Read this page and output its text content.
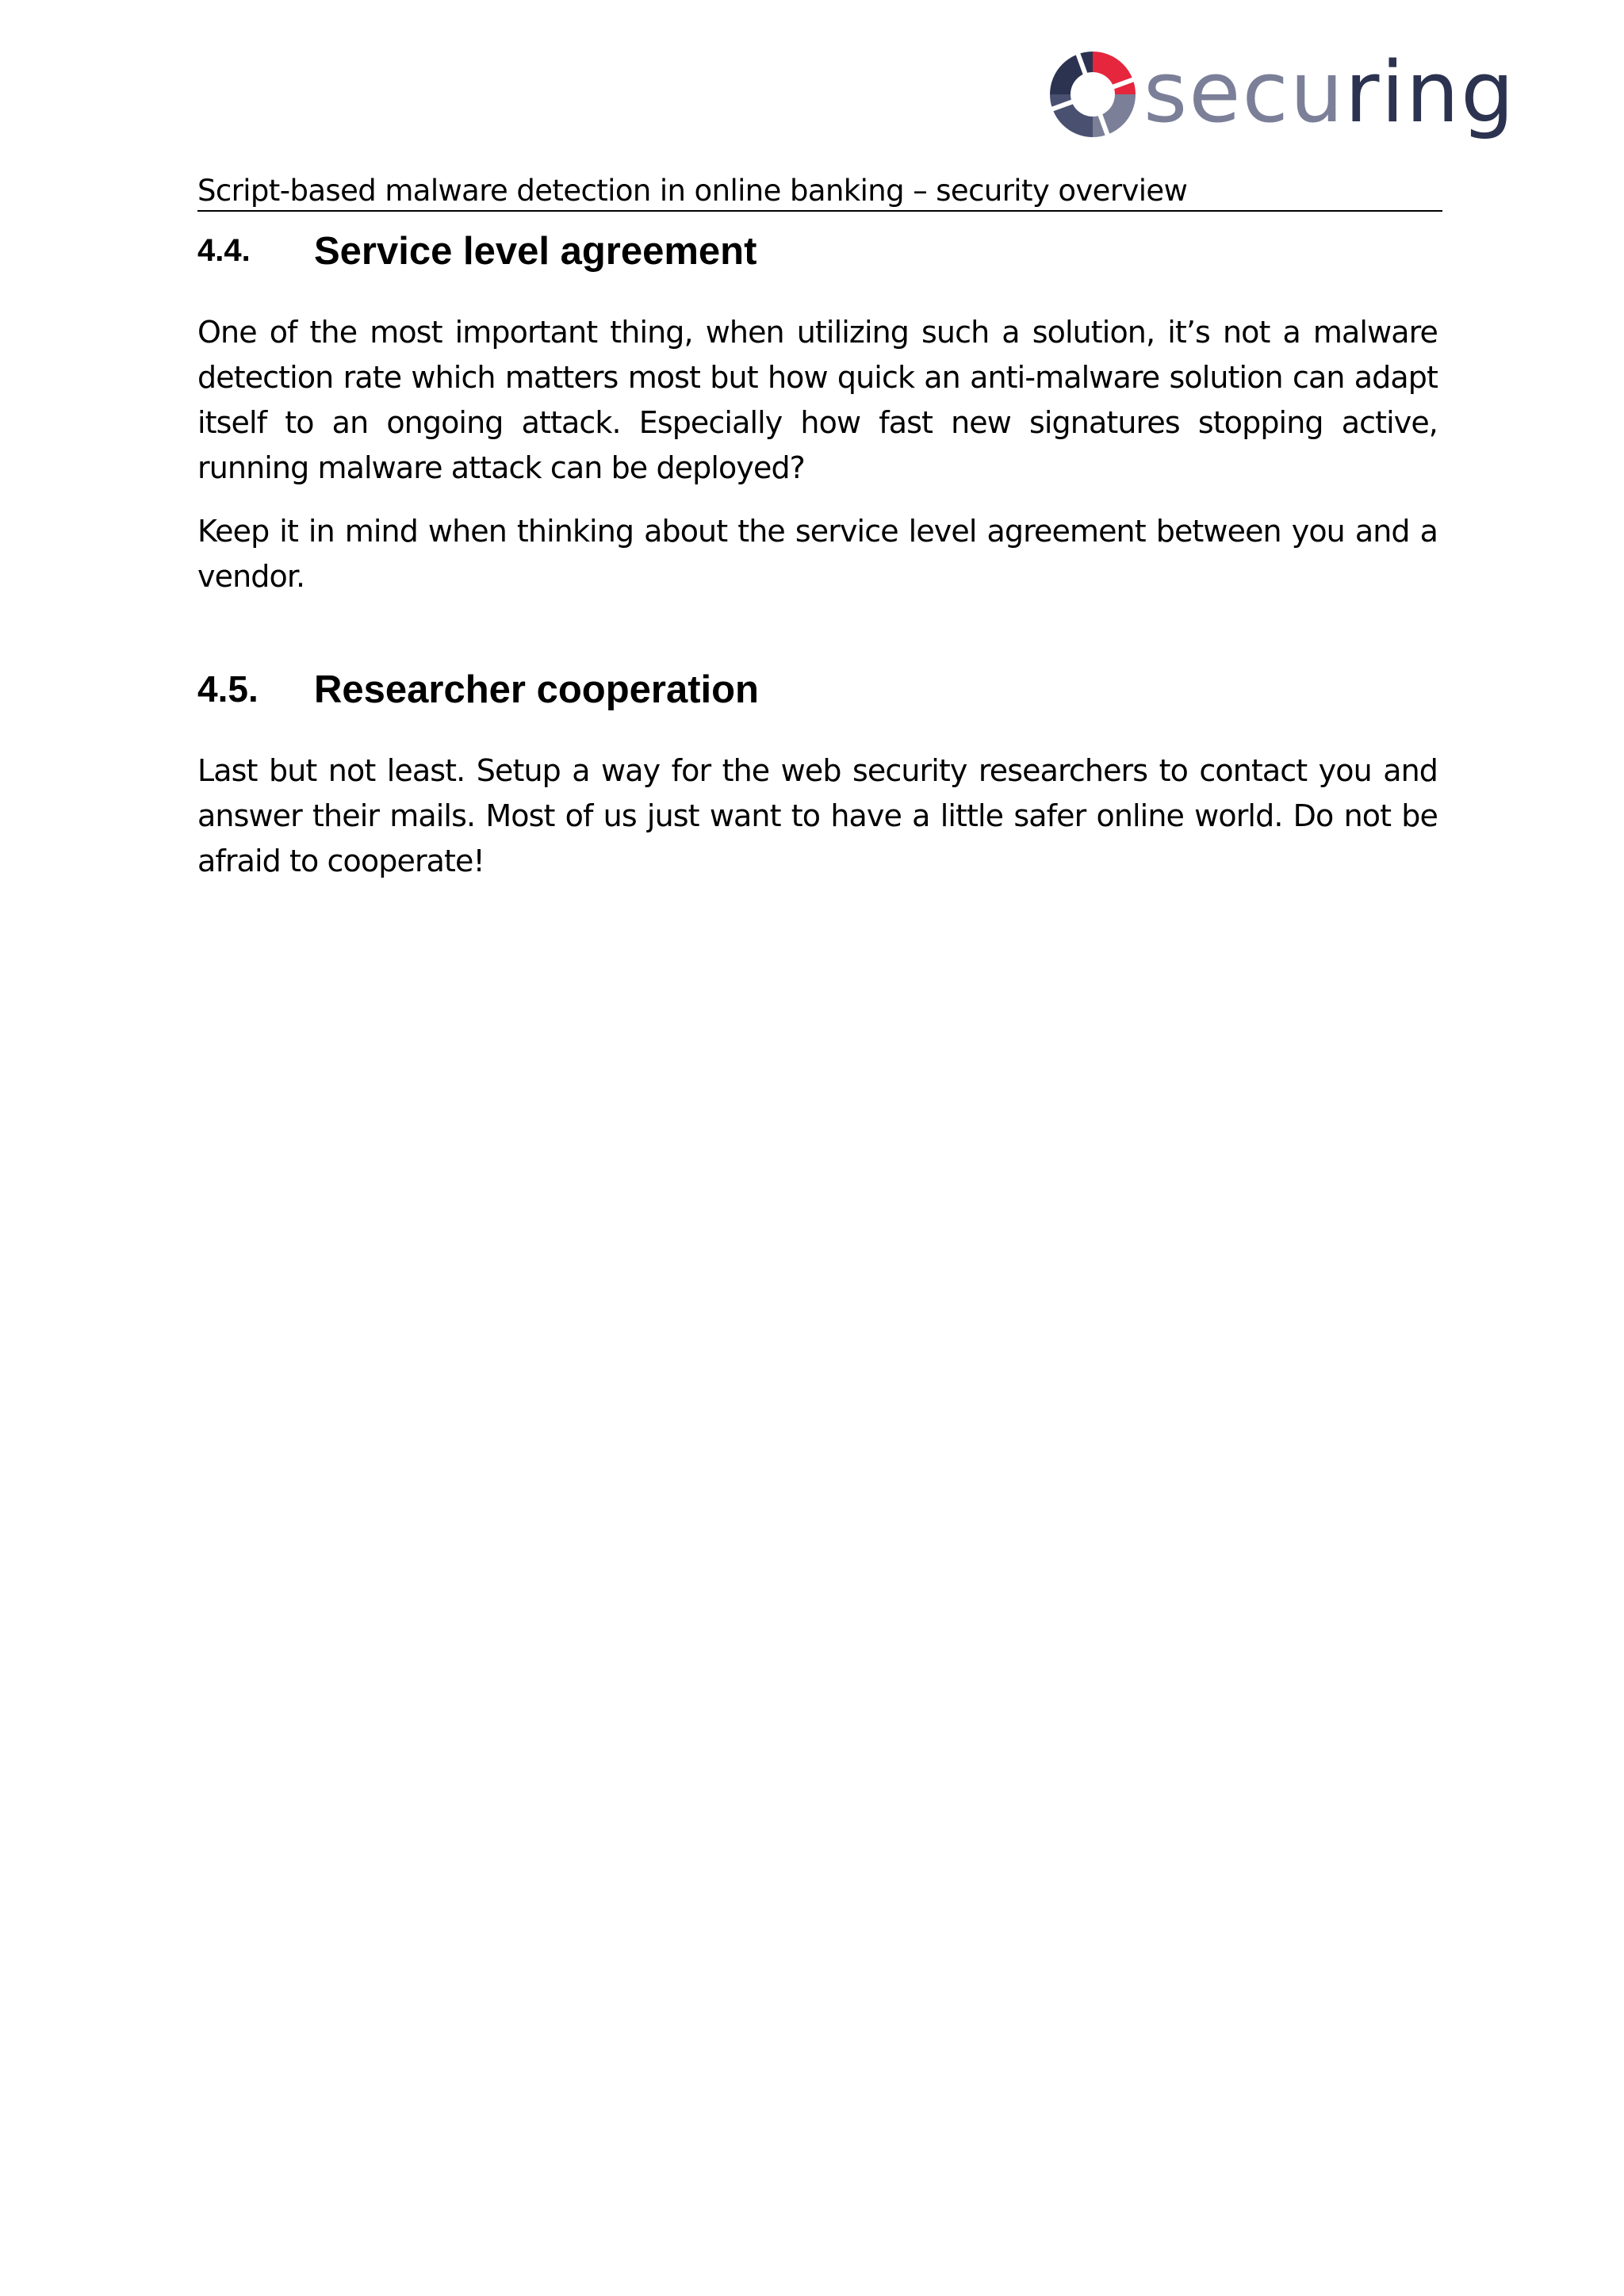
securing
Script-based malware detection in online banking – security overview
4.4. Service level agreement
One of the most important thing, when utilizing such a solution, it’s not a malware detection rate which matters most but how quick an anti-malware solution can adapt itself to an ongoing attack. Especially how fast new signatures stopping active, running malware attack can be deployed?
Keep it in mind when thinking about the service level agreement between you and a vendor.
4.5. Researcher cooperation
Last but not least. Setup a way for the web security researchers to contact you and answer their mails. Most of us just want to have a little safer online world. Do not be afraid to cooperate!
